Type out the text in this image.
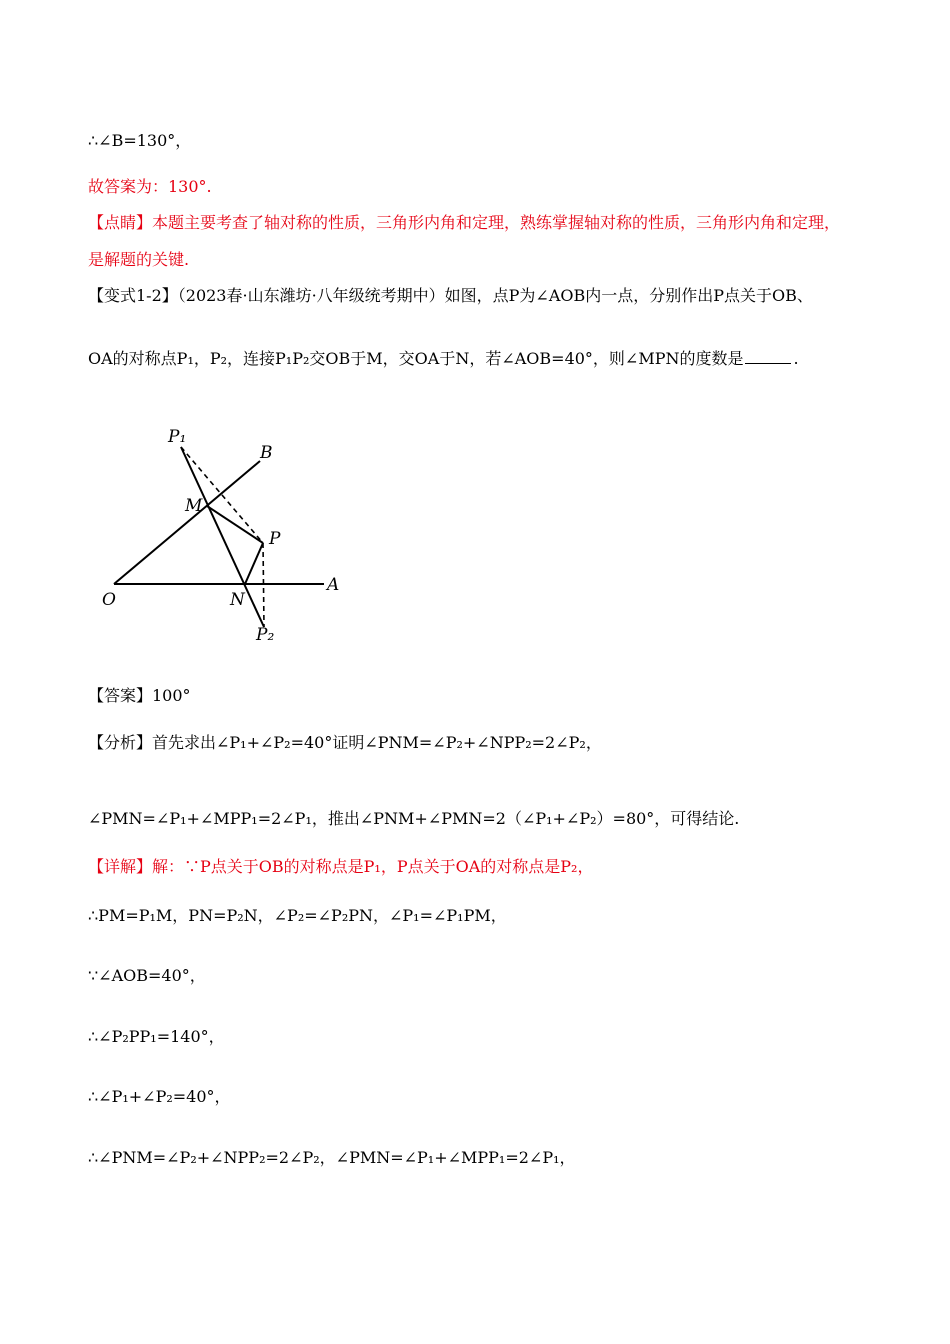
∴∠B=130°，
故答案为：130°.
【点睛】本题主要考查了轴对称的性质，三角形内角和定理，熟练掌握轴对称的性质，三角形内角和定理，
是解题的关键.
【变式1-2】（2023春·山东潍坊·八年级统考期中）如图，点P为∠AOB内一点，分别作出P点关于OB、
OA的对称点P₁，P₂，连接P₁P₂交OB于M，交OA于N，若∠AOB=40°，则∠MPN的度数是	.
P₁
B
M
P
O	N
A
P₂
【答案】100°
【分析】首先求出∠P₁+∠P₂=40°证明∠PNM=∠P₂+∠NPP₂=2∠P₂，
∠PMN=∠P₁+∠MPP₁=2∠P₁，推出∠PNM+∠PMN=2（∠P₁+∠P₂）=80°，可得结论.
【详解】解：∵P点关于OB的对称点是P₁，P点关于OA的对称点是P₂，
∴PM=P₁M，PN=P₂N，∠P₂=∠P₂PN，∠P₁=∠P₁PM，
∵∠AOB=40°，
∴∠P₂PP₁=140°，
∴∠P₁+∠P₂=40°，
∴∠PNM=∠P₂+∠NPP₂=2∠P₂，∠PMN=∠P₁+∠MPP₁=2∠P₁，
